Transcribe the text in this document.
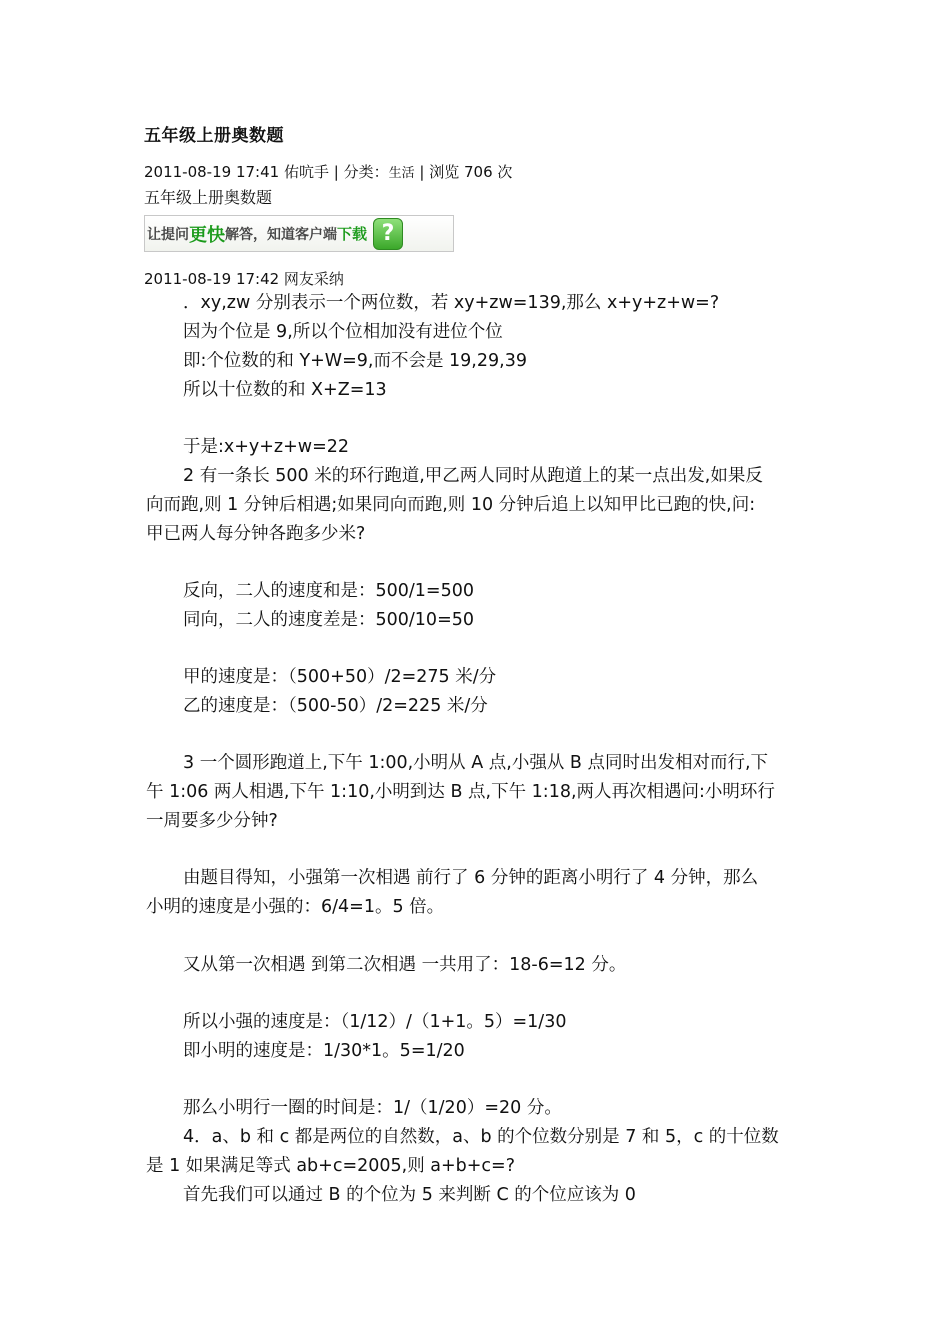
五年级上册奥数题
2011-08-19 17:41 佑吭手 | 分类：生活 | 浏览 706 次
五年级上册奥数题
让提问 更快 解答，知道客户端 下载 ?
2011-08-19 17:42 网友采纳
．xy,zw 分别表示一个两位数，若 xy+zw=139,那么 x+y+z+w=?
因为个位是 9,所以个位相加没有进位个位
即:个位数的和 Y+W=9,而不会是 19,29,39
所以十位数的和 X+Z=13
于是:x+y+z+w=22
2 有一条长 500 米的环行跑道,甲乙两人同时从跑道上的某一点出发,如果反
向而跑,则 1 分钟后相遇;如果同向而跑,则 10 分钟后追上以知甲比已跑的快,问:
甲已两人每分钟各跑多少米?
反向，二人的速度和是：500/1=500
同向，二人的速度差是：500/10=50
甲的速度是：（500+50）/2=275 米/分
乙的速度是：（500-50）/2=225 米/分
3 一个圆形跑道上,下午 1:00,小明从 A 点,小强从 B 点同时出发相对而行,下
午 1:06 两人相遇,下午 1:10,小明到达 B 点,下午 1:18,两人再次相遇问:小明环行
一周要多少分钟?
由题目得知，小强第一次相遇 前行了 6 分钟的距离小明行了 4 分钟，那么
小明的速度是小强的：6/4=1。5 倍。
又从第一次相遇 到第二次相遇 一共用了：18-6=12 分。
所以小强的速度是：（1/12）/（1+1。5）=1/30
即小明的速度是：1/30*1。5=1/20
那么小明行一圈的时间是：1/（1/20）=20 分。
4．a、b 和 c 都是两位的自然数，a、b 的个位数分别是 7 和 5，c 的十位数
是 1 如果满足等式 ab+c=2005,则 a+b+c=?
首先我们可以通过 B 的个位为 5 来判断 C 的个位应该为 0
